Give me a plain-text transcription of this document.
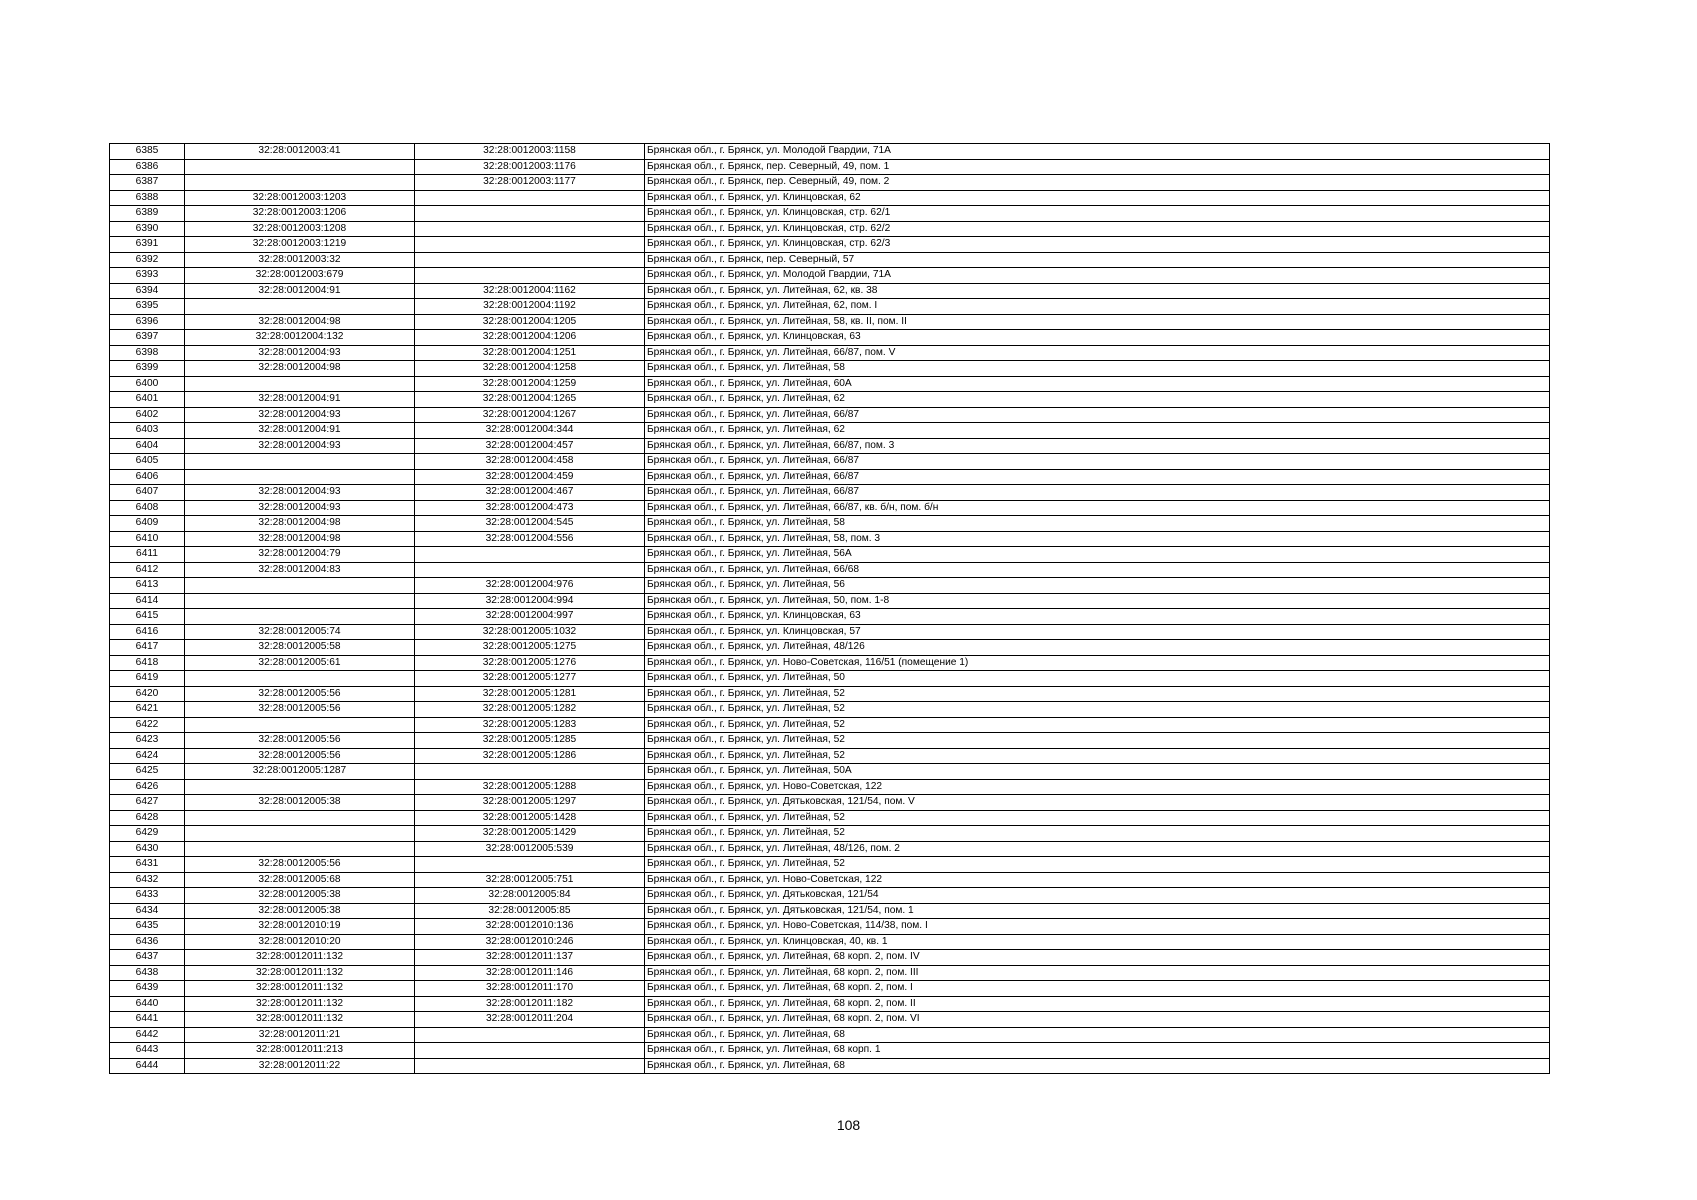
6385	32:28:0012003:41	32:28:0012003:1158	Брянская обл., г. Брянск, ул. Молодой Гвардии, 71А
6386		32:28:0012003:1176	Брянская обл., г. Брянск, пер. Северный, 49, пом. 1
6387		32:28:0012003:1177	Брянская обл., г. Брянск, пер. Северный, 49, пом. 2
6388	32:28:0012003:1203		Брянская обл., г. Брянск, ул. Клинцовская, 62
6389	32:28:0012003:1206		Брянская обл., г. Брянск, ул. Клинцовская, стр. 62/1
6390	32:28:0012003:1208		Брянская обл., г. Брянск, ул. Клинцовская, стр. 62/2
6391	32:28:0012003:1219		Брянская обл., г. Брянск, ул. Клинцовская, стр. 62/3
6392	32:28:0012003:32		Брянская обл., г. Брянск, пер. Северный, 57
6393	32:28:0012003:679		Брянская обл., г. Брянск, ул. Молодой Гвардии, 71А
6394	32:28:0012004:91	32:28:0012004:1162	Брянская обл., г. Брянск, ул. Литейная, 62, кв. 38
6395		32:28:0012004:1192	Брянская обл., г. Брянск, ул. Литейная, 62, пом. I
6396	32:28:0012004:98	32:28:0012004:1205	Брянская обл., г. Брянск, ул. Литейная, 58, кв. II, пом. II
6397	32:28:0012004:132	32:28:0012004:1206	Брянская обл., г. Брянск, ул. Клинцовская, 63
6398	32:28:0012004:93	32:28:0012004:1251	Брянская обл., г. Брянск, ул. Литейная, 66/87, пом. V
6399	32:28:0012004:98	32:28:0012004:1258	Брянская обл., г. Брянск, ул. Литейная, 58
6400		32:28:0012004:1259	Брянская обл., г. Брянск, ул. Литейная, 60А
6401	32:28:0012004:91	32:28:0012004:1265	Брянская обл., г. Брянск, ул. Литейная, 62
6402	32:28:0012004:93	32:28:0012004:1267	Брянская обл., г. Брянск, ул. Литейная, 66/87
6403	32:28:0012004:91	32:28:0012004:344	Брянская обл., г. Брянск, ул. Литейная, 62
6404	32:28:0012004:93	32:28:0012004:457	Брянская обл., г. Брянск, ул. Литейная, 66/87, пом. 3
6405		32:28:0012004:458	Брянская обл., г. Брянск, ул. Литейная, 66/87
6406		32:28:0012004:459	Брянская обл., г. Брянск, ул. Литейная, 66/87
6407	32:28:0012004:93	32:28:0012004:467	Брянская обл., г. Брянск, ул. Литейная, 66/87
6408	32:28:0012004:93	32:28:0012004:473	Брянская обл., г. Брянск, ул. Литейная, 66/87, кв. б/н, пом. б/н
6409	32:28:0012004:98	32:28:0012004:545	Брянская обл., г. Брянск, ул. Литейная, 58
6410	32:28:0012004:98	32:28:0012004:556	Брянская обл., г. Брянск, ул. Литейная, 58, пом. 3
6411	32:28:0012004:79		Брянская обл., г. Брянск, ул. Литейная, 56А
6412	32:28:0012004:83		Брянская обл., г. Брянск, ул. Литейная, 66/68
6413		32:28:0012004:976	Брянская обл., г. Брянск, ул. Литейная, 56
6414		32:28:0012004:994	Брянская обл., г. Брянск, ул. Литейная, 50, пом. 1-8
6415		32:28:0012004:997	Брянская обл., г. Брянск, ул. Клинцовская, 63
6416	32:28:0012005:74	32:28:0012005:1032	Брянская обл., г. Брянск, ул. Клинцовская, 57
6417	32:28:0012005:58	32:28:0012005:1275	Брянская обл., г. Брянск, ул. Литейная, 48/126
6418	32:28:0012005:61	32:28:0012005:1276	Брянская обл., г. Брянск, ул. Ново-Советская, 116/51 (помещение 1)
6419		32:28:0012005:1277	Брянская обл., г. Брянск, ул. Литейная, 50
6420	32:28:0012005:56	32:28:0012005:1281	Брянская обл., г. Брянск, ул. Литейная, 52
6421	32:28:0012005:56	32:28:0012005:1282	Брянская обл., г. Брянск, ул. Литейная, 52
6422		32:28:0012005:1283	Брянская обл., г. Брянск, ул. Литейная, 52
6423	32:28:0012005:56	32:28:0012005:1285	Брянская обл., г. Брянск, ул. Литейная, 52
6424	32:28:0012005:56	32:28:0012005:1286	Брянская обл., г. Брянск, ул. Литейная, 52
6425	32:28:0012005:1287		Брянская обл., г. Брянск, ул. Литейная, 50А
6426		32:28:0012005:1288	Брянская обл., г. Брянск, ул. Ново-Советская, 122
6427	32:28:0012005:38	32:28:0012005:1297	Брянская обл., г. Брянск, ул. Дятьковская, 121/54, пом. V
6428		32:28:0012005:1428	Брянская обл., г. Брянск, ул. Литейная, 52
6429		32:28:0012005:1429	Брянская обл., г. Брянск, ул. Литейная, 52
6430		32:28:0012005:539	Брянская обл., г. Брянск, ул. Литейная, 48/126, пом. 2
6431	32:28:0012005:56		Брянская обл., г. Брянск, ул. Литейная, 52
6432	32:28:0012005:68	32:28:0012005:751	Брянская обл., г. Брянск, ул. Ново-Советская, 122
6433	32:28:0012005:38	32:28:0012005:84	Брянская обл., г. Брянск, ул. Дятьковская, 121/54
6434	32:28:0012005:38	32:28:0012005:85	Брянская обл., г. Брянск, ул. Дятьковская, 121/54, пом. 1
6435	32:28:0012010:19	32:28:0012010:136	Брянская обл., г. Брянск, ул. Ново-Советская, 114/38, пом. I
6436	32:28:0012010:20	32:28:0012010:246	Брянская обл., г. Брянск, ул. Клинцовская, 40, кв. 1
6437	32:28:0012011:132	32:28:0012011:137	Брянская обл., г. Брянск, ул. Литейная, 68 корп. 2, пом. IV
6438	32:28:0012011:132	32:28:0012011:146	Брянская обл., г. Брянск, ул. Литейная, 68 корп. 2, пом. III
6439	32:28:0012011:132	32:28:0012011:170	Брянская обл., г. Брянск, ул. Литейная, 68 корп. 2, пом. I
6440	32:28:0012011:132	32:28:0012011:182	Брянская обл., г. Брянск, ул. Литейная, 68 корп. 2, пом. II
6441	32:28:0012011:132	32:28:0012011:204	Брянская обл., г. Брянск, ул. Литейная, 68 корп. 2, пом. VI
6442	32:28:0012011:21		Брянская обл., г. Брянск, ул. Литейная, 68
6443	32:28:0012011:213		Брянская обл., г. Брянск, ул. Литейная, 68 корп. 1
6444	32:28:0012011:22		Брянская обл., г. Брянск, ул. Литейная, 68
108
